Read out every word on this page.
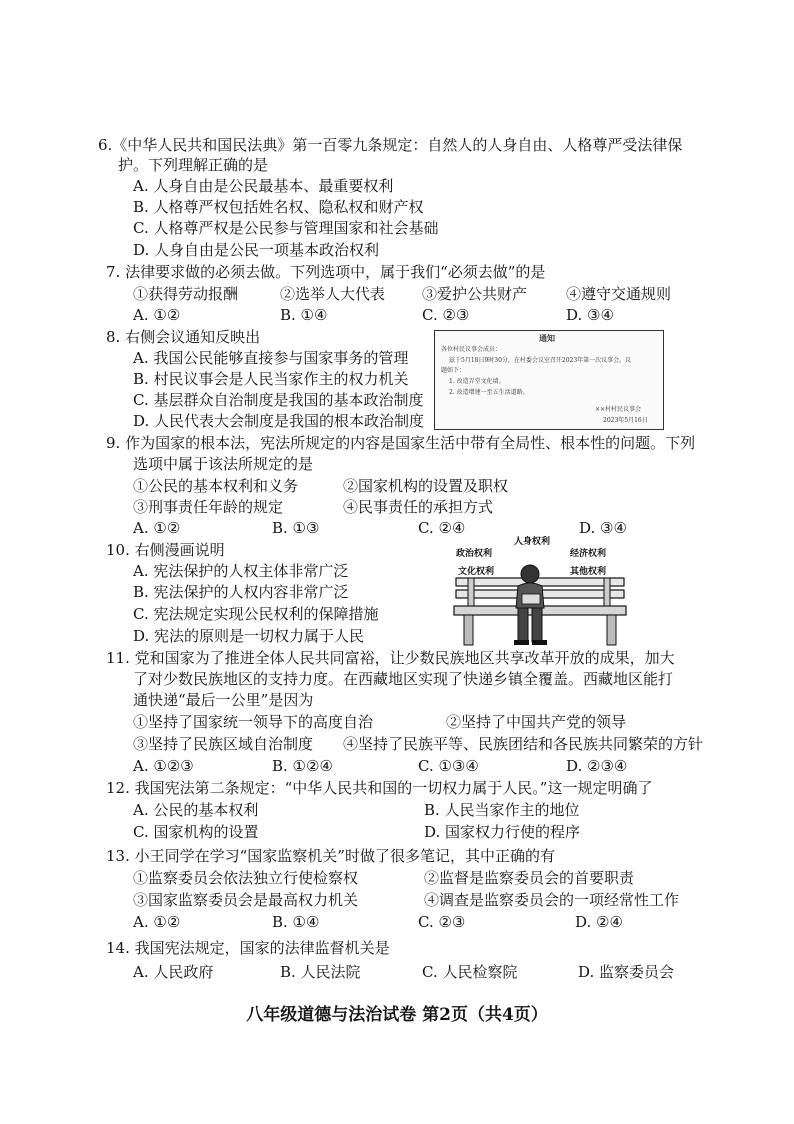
6.《中华人民共和国民法典》第一百零九条规定：自然人的人身自由、人格尊严受法律保
护。下列理解正确的是
A. 人身自由是公民最基本、最重要权利
B. 人格尊严权包括姓名权、隐私权和财产权
C. 人格尊严权是公民参与管理国家和社会基础
D. 人身自由是公民一项基本政治权利
7. 法律要求做的必须去做。下列选项中，属于我们“必须去做”的是
①获得劳动报酬	②选举人大代表 ③爱护公共财产	④遵守交通规则
A. ①②	B. ①④	C. ②③	D. ③④
8. 右侧会议通知反映出
A. 我国公民能够直接参与国家事务的管理
B. 村民议事会是人民当家作主的权力机关
C. 基层群众自治制度是我国的基本政治制度
D. 人民代表大会制度是我国的根本政治制度
通知
各位村民议事会成员：
兹于5月18日9时30分，在村委会议室召开2023年第一次议事会。议
题如下：
1. 改造弄堂文化墙。
2. 改造增建一至五生活道路。
××村村民议事会
2023年5月16日
9. 作为国家的根本法，宪法所规定的内容是国家生活中带有全局性、根本性的问题。下列
选项中属于该法所规定的是
①公民的基本权利和义务	②国家机构的设置及职权
③刑事责任年龄的规定	④民事责任的承担方式
A. ①②	B. ①③	C. ②④	D. ③④
10. 右侧漫画说明
A. 宪法保护的人权主体非常广泛
B. 宪法保护的人权内容非常广泛
C. 宪法规定实现公民权利的保障措施
D. 宪法的原则是一切权力属于人民
人身权利
政治权利	经济权利
文化权利	其他权利
11. 党和国家为了推进全体人民共同富裕，让少数民族地区共享改革开放的成果，加大
了对少数民族地区的支持力度。在西藏地区实现了快递乡镇全覆盖。西藏地区能打
通快递“最后一公里”是因为
①坚持了国家统一领导下的高度自治	②坚持了中国共产党的领导
③坚持了民族区域自治制度 ④坚持了民族平等、民族团结和各民族共同繁荣的方针
A. ①②③	B. ①②④	C. ①③④	D. ②③④
12. 我国宪法第二条规定：“中华人民共和国的一切权力属于人民。”这一规定明确了
A. 公民的基本权利	B. 人民当家作主的地位
C. 国家机构的设置	D. 国家权力行使的程序
13. 小王同学在学习“国家监察机关”时做了很多笔记，其中正确的有
①监察委员会依法独立行使检察权	②监督是监察委员会的首要职责
③国家监察委员会是最高权力机关	④调查是监察委员会的一项经常性工作
A. ①②	B. ①④	C. ②③	D. ②④
14. 我国宪法规定，国家的法律监督机关是
A. 人民政府	B. 人民法院	C. 人民检察院	D. 监察委员会
八年级道德与法治试卷 第2页（共4页）
